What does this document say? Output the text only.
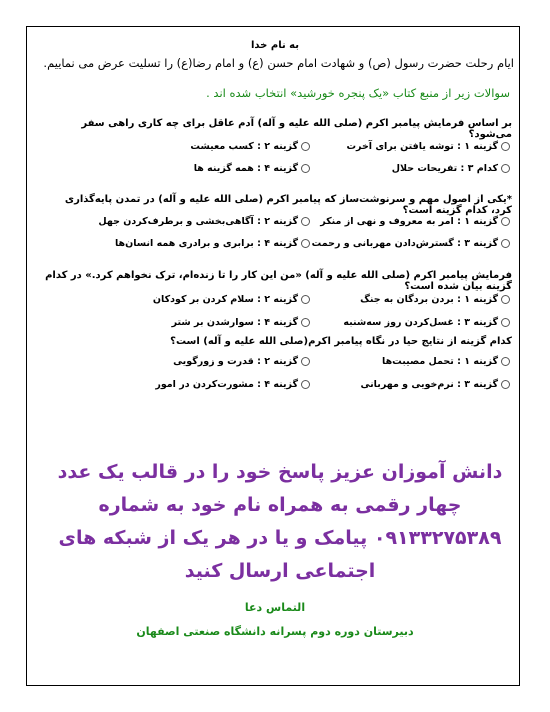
به نام خدا
ایام رحلت حضرت رسول (ص) و شهادت امام حسن (ع) و امام رضا(ع) را تسلیت عرض می نماییم.
سوالات زیر از منبع کتاب «یک پنجره خورشید» انتخاب شده اند .
بر اساس فرمایش پیامبر اکرم (صلی الله علیه و آله) آدم عاقل برای چه کاری راهی سفر می‌شود؟
گزینه ۱ : توشه یافتن برای آخرت
گزینه ۲ : کسب معیشت
کدام ۳ : تفریحات حلال
گزینه ۴ : همه گزینه ها
*یکی از اصول مهم و سرنوشت‌ساز که پیامبر اکرم (صلی الله علیه و آله) در تمدن پایه‌گذاری کرد، کدام گزینه است؟
گزینه ۱ : امر به معروف و نهی از منکر
گزینه ۲ : آگاهی‌بخشی و برطرف‌کردن جهل
گزینه ۳ : گسترش‌دادن مهربانی و رحمت
گزینه ۴ : برابری و برادری همه انسان‌ها
فرمایش پیامبر اکرم (صلی الله علیه و آله) «من این کار را تا زنده‌ام، ترک نخواهم کرد.» در کدام گزینه بیان شده است؟
گزینه ۱ : بردن بردگان به جنگ
گزینه ۲ : سلام کردن بر کودکان
گزینه ۳ : غسل‌کردن روز سه‌شنبه
گزینه ۴ : سوارشدن بر شتر
کدام گزینه از نتایج حیا در نگاه پیامبر اکرم(صلی الله علیه و آله) است؟
گزینه ۱ : تحمل مصیبت‌ها
گزینه ۲ : قدرت و زورگویی
گزینه ۳ : نرم‌خویی و مهربانی
گزینه ۴ : مشورت‌کردن در امور
دانش آموزان عزیز پاسخ خود را در قالب یک عدد چهار رقمی به همراه نام خود به شماره ۰۹۱۳۳۲۷۵۳۸۹ پیامک و یا در هر یک از شبکه های اجتماعی ارسال کنید
التماس دعا
دبیرستان دوره دوم پسرانه دانشگاه صنعتی اصفهان
